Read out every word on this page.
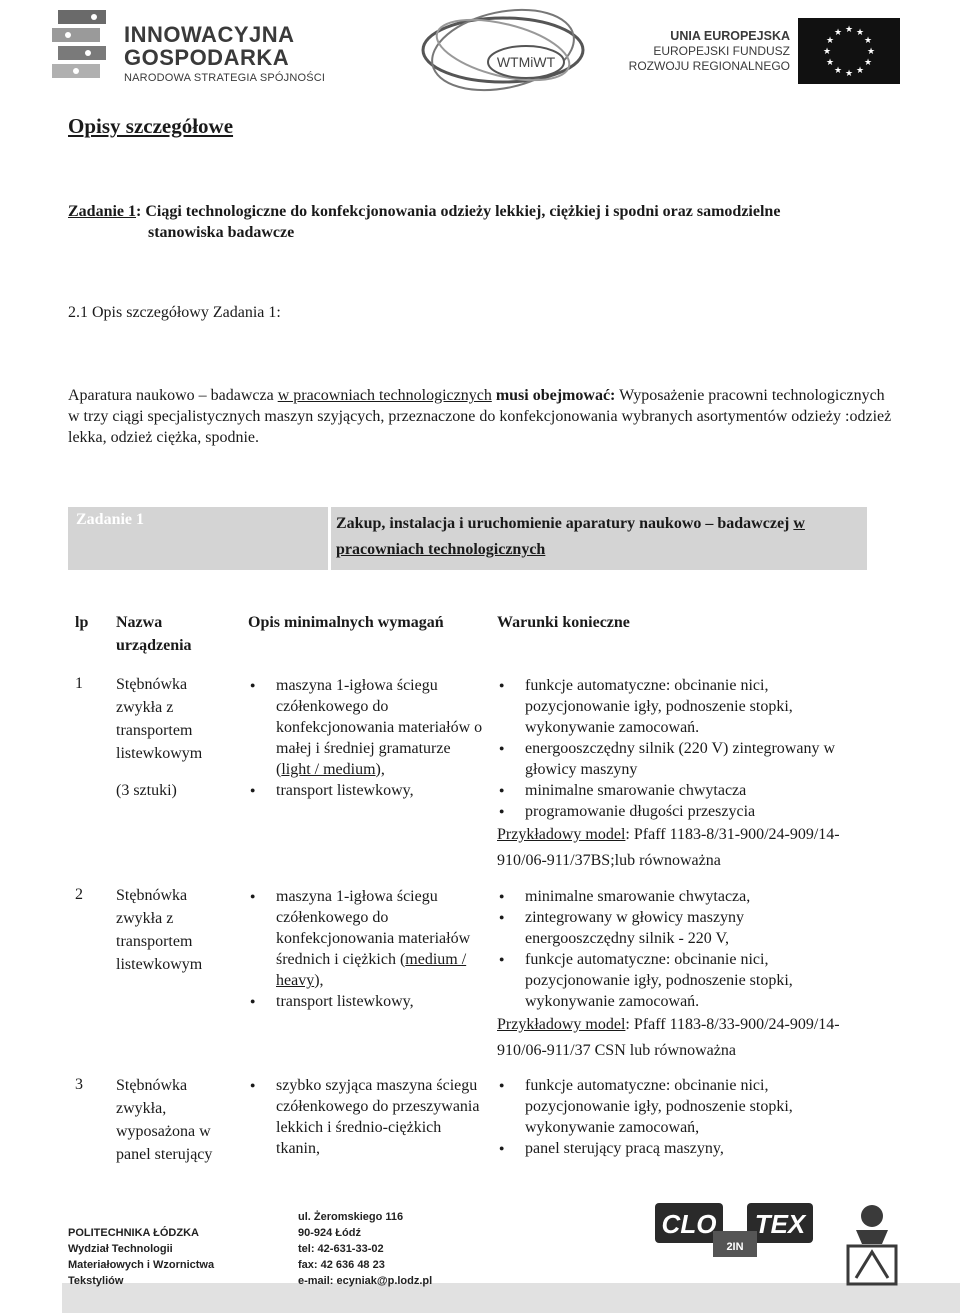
INNOWACYJNA
GOSPODARKA
NARODOWA STRATEGIA SPÓJNOŚCI
WTMiWT
UNIA EUROPEJSKA
EUROPEJSKI FUNDUSZ
ROZWOJU REGIONALNEGO
★ ★
★
★
★
★
★
★
★
★
★
★
Opisy szczegółowe
Zadanie 1: Ciągi technologiczne do konfekcjonowania odzieży lekkiej, ciężkiej i spodni oraz samodzielne
stanowiska badawcze
2.1 Opis szczegółowy Zadania 1:
Aparatura naukowo – badawcza w pracowniach technologicznych musi obejmować: Wyposażenie pracowni technologicznych w trzy ciągi specjalistycznych maszyn szyjących, przeznaczone do konfekcjonowania wybranych asortymentów odzieży :odzież lekka, odzież ciężka, spodnie.
Zadanie 1	Zakup, instalacja i uruchomienie aparatury naukowo – badawczej w pracowniach technologicznych
lp Nazwa urządzenia
Opis minimalnych wymagań	Warunki konieczne
1 Stębnówka zwykła z transportem listewkowym
(3 sztuki)
● maszyna 1-igłowa ściegu czółenkowego do konfekcjonowania materiałów o małej i średniej gramaturze (light / medium),
● transport listewkowy,
● funkcje automatyczne: obcinanie nici, pozycjonowanie igły, podnoszenie stopki, wykonywanie zamocowań.
● energooszczędny silnik (220 V) zintegrowany w głowicy maszyny
● minimalne smarowanie chwytacza
● programowanie długości przeszycia
Przykładowy model: Pfaff 1183-8/31-900/24-909/14-910/06-911/37BS;lub równoważna
2 Stębnówka zwykła z transportem listewkowym
● maszyna 1-igłowa ściegu czółenkowego do konfekcjonowania materiałów średnich i ciężkich (medium / heavy),
● transport listewkowy,
● minimalne smarowanie chwytacza,
● zintegrowany w głowicy maszyny energooszczędny silnik - 220 V,
● funkcje automatyczne: obcinanie nici, pozycjonowanie igły, podnoszenie stopki, wykonywanie zamocowań.
Przykładowy model: Pfaff 1183-8/33-900/24-909/14-910/06-911/37 CSN lub równoważna
3 Stębnówka zwykła, wyposażona w panel sterujący
● szybko szyjąca maszyna ściegu czółenkowego do przeszywania lekkich i średnio-ciężkich tkanin,
● funkcje automatyczne: obcinanie nici, pozycjonowanie igły, podnoszenie stopki, wykonywanie zamocowań,
● panel sterujący pracą maszyny,
POLITECHNIKA ŁÓDZKA
Wydział Technologii
Materiałowych i Wzornictwa
Tekstyliów
ul. Żeromskiego 116
90-924 Łódź
tel: 42-631-33-02
fax: 42 636 48 23
e-mail: ecyniak@p.lodz.pl
CLO TEX
2IN
